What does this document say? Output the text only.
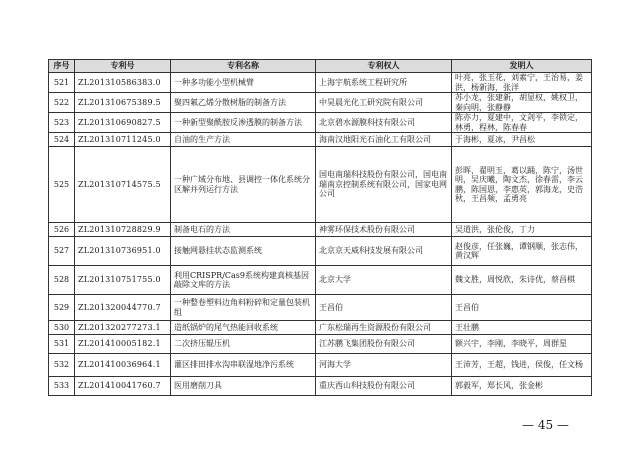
序号	专利号	专利名称	专利权人	发明人
521	ZL201310586383.0	一种多功能小型机械臂	上海宇航系统工程研究所	叶亮，张玉花，刘素宁，王治易，姜洪，杨新海，张洋
522	ZL201310675389.5	聚四氟乙烯分散树脂的制备方法	中昊晨光化工研究院有限公司	苏小龙，张建新，胡显权，姚权卫，秦向明，张静静
523	ZL201310690827.5	一种新型聚酰胺反渗透膜的制备方法	北京碧水源膜科技有限公司	陈亦力，夏建中，文剑平，李锁定，林勇，程林，陈春春
524	ZL201310711245.0	自油的生产方法	海南汉地阳光石油化工有限公司	于海彬，夏冰，尹昌松
525	ZL201310714575.5	一种广域分布地、县调控一体化系统分区解并列运行方法	国电南瑞科技股份有限公司，国电南瑞南京控制系统有限公司，国家电网公司	彭晖，翟明玉，葛以踊，陈宁，汤世明，吴庆曦，陶文杰，徐春雷，李云鹏，陈国恩，李惠英，郭海龙，史浩秋，王昌频，孟勇亮
526	ZL201310728829.9	制备电石的方法	神雾环保技术股份有限公司	吴道洪，张伦俊，丁力
527	ZL201310736951.0	接触网悬挂状态监测系统	北京京天威科技发展有限公司	赵俊彦，任张巍，谭钢顺，张志伟，黄汉辉
528	ZL201310751755.0	利用CRISPR/Cas9系统构建真核基因敲除文库的方法	北京大学	魏文胜，周悦欣，朱诗优，蔡昌棋
529	ZL201320044770.7	一种整卷塑料边角料粉碎和定量包装机组	王昌伯	王昌伯
530	ZL201320277273.1	造纸锅炉的尾气热能回收系统	广东松瑞再生资源股份有限公司	王壮鹏
531	ZL201410005182.1	二次挤压辊压机	江苏鹏飞集团股份有限公司	额兴宇，李刚，李晓平，周群星
532	ZL201410036964.1	灌区排田排水沟串联湿地净污系统	河海大学	王沛芳，王超，钱进，侯俊，任文杨
533	ZL201410041760.7	医用磨削刀具	重庆西山科技股份有限公司	郭毅军，郑长风，张金彬
— 45 —
